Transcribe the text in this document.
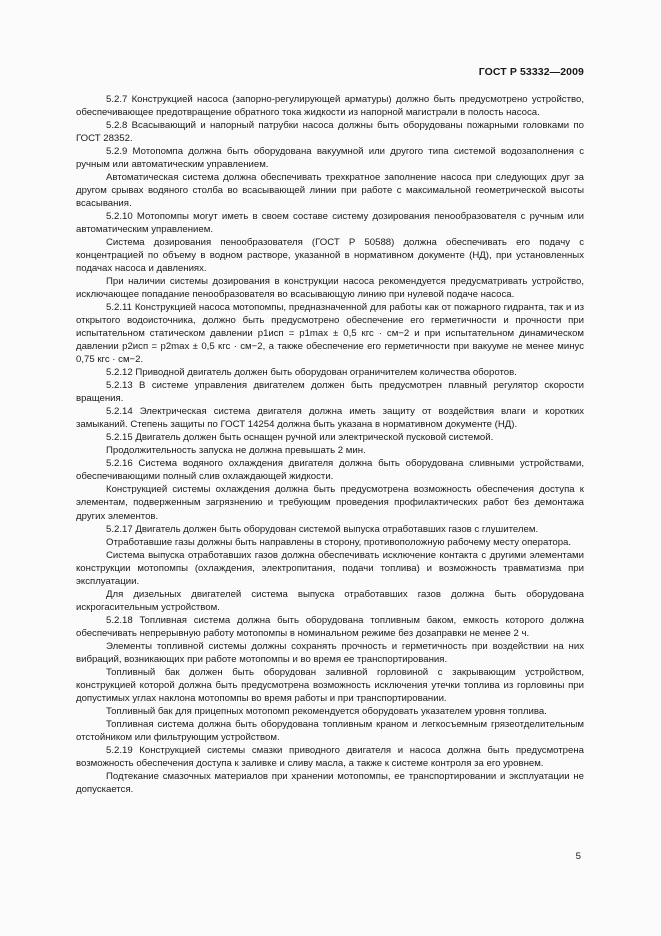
ГОСТ Р 53332—2009

5.2.7 Конструкцией насоса (запорно-регулирующей арматуры) должно быть предусмотрено устройство, обеспечивающее предотвращение обратного тока жидкости из напорной магистрали в полость насоса.

5.2.8 Всасывающий и напорный патрубки насоса должны быть оборудованы пожарными головками по ГОСТ 28352.

5.2.9 Мотопомпа должна быть оборудована вакуумной или другого типа системой водозаполнения с ручным или автоматическим управлением.

Автоматическая система должна обеспечивать трехкратное заполнение насоса при следующих друг за другом срывах водяного столба во всасывающей линии при работе с максимальной геометрической высоты всасывания.

5.2.10 Мотопомпы могут иметь в своем составе систему дозирования пенообразователя с ручным или автоматическим управлением.

Система дозирования пенообразователя (ГОСТ Р 50588) должна обеспечивать его подачу с концентрацией по объему в водном растворе, указанной в нормативном документе (НД), при установленных подачах насоса и давлениях.

При наличии системы дозирования в конструкции насоса рекомендуется предусматривать устройство, исключающее попадание пенообразователя во всасывающую линию при нулевой подаче насоса.

5.2.11 Конструкцией насоса мотопомпы, предназначенной для работы как от пожарного гидранта, так и из открытого водоисточника, должно быть предусмотрено обеспечение его герметичности и прочности при испытательном статическом давлении p1исп = p1max ± 0,5 кгс · см−2 и при испытательном динамическом давлении p2исп = p2max ± 0,5 кгс · см−2, а также обеспечение его герметичности при вакууме не менее минус 0,75 кгс · см−2.

5.2.12 Приводной двигатель должен быть оборудован ограничителем количества оборотов.

5.2.13 В системе управления двигателем должен быть предусмотрен плавный регулятор скорости вращения.

5.2.14 Электрическая система двигателя должна иметь защиту от воздействия влаги и коротких замыканий. Степень защиты по ГОСТ 14254 должна быть указана в нормативном документе (НД).

5.2.15 Двигатель должен быть оснащен ручной или электрической пусковой системой.

Продолжительность запуска не должна превышать 2 мин.

5.2.16 Система водяного охлаждения двигателя должна быть оборудована сливными устройствами, обеспечивающими полный слив охлаждающей жидкости.

Конструкцией системы охлаждения должна быть предусмотрена возможность обеспечения доступа к элементам, подверженным загрязнению и требующим проведения профилактических работ без демонтажа других элементов.

5.2.17 Двигатель должен быть оборудован системой выпуска отработавших газов с глушителем.

Отработавшие газы должны быть направлены в сторону, противоположную рабочему месту оператора.

Система выпуска отработавших газов должна обеспечивать исключение контакта с другими элементами конструкции мотопомпы (охлаждения, электропитания, подачи топлива) и возможность травматизма при эксплуатации.

Для дизельных двигателей система выпуска отработавших газов должна быть оборудована искрогасительным устройством.

5.2.18 Топливная система должна быть оборудована топливным баком, емкость которого должна обеспечивать непрерывную работу мотопомпы в номинальном режиме без дозаправки не менее 2 ч.

Элементы топливной системы должны сохранять прочность и герметичность при воздействии на них вибраций, возникающих при работе мотопомпы и во время ее транспортирования.

Топливный бак должен быть оборудован заливной горловиной с закрывающим устройством, конструкцией которой должна быть предусмотрена возможность исключения утечки топлива из горловины при допустимых углах наклона мотопомпы во время работы и при транспортировании.

Топливный бак для прицепных мотопомп рекомендуется оборудовать указателем уровня топлива.

Топливная система должна быть оборудована топливным краном и легкосъемным грязеотделительным отстойником или фильтрующим устройством.

5.2.19 Конструкцией системы смазки приводного двигателя и насоса должна быть предусмотрена возможность обеспечения доступа к заливке и сливу масла, а также к системе контроля за его уровнем.

Подтекание смазочных материалов при хранении мотопомпы, ее транспортировании и эксплуатации не допускается.

5
